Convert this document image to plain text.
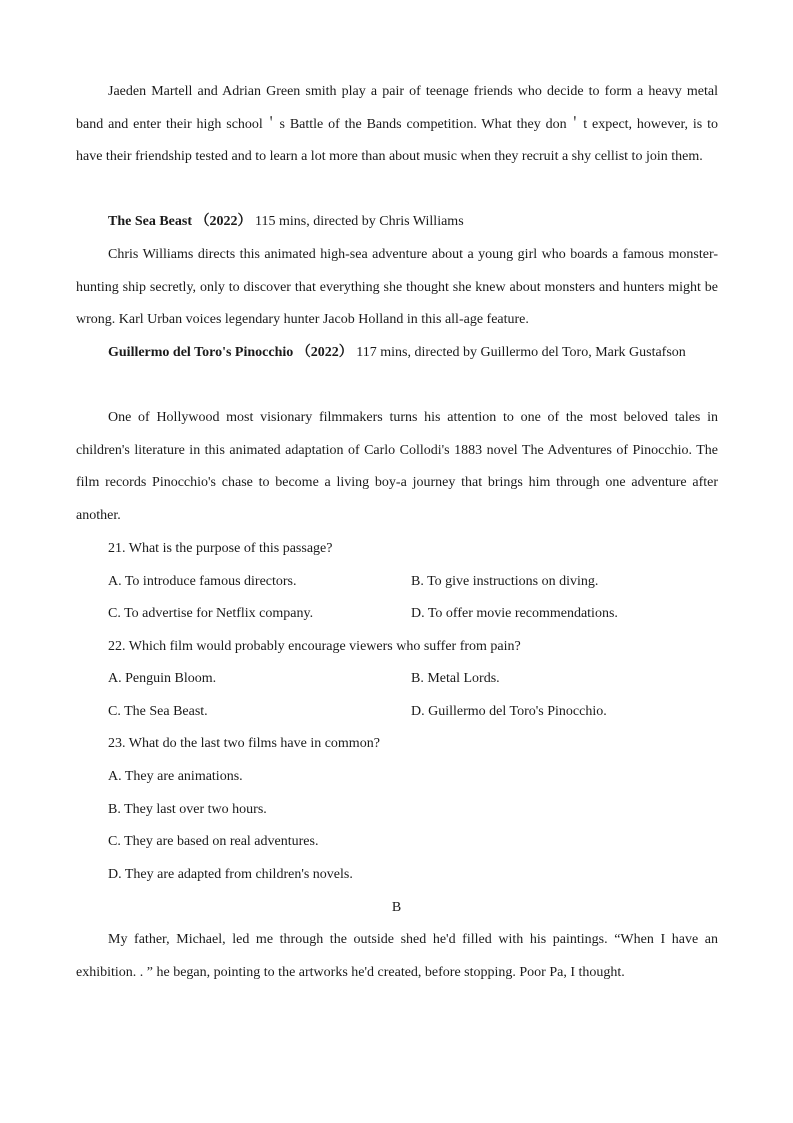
Jaeden Martell and Adrian Green smith play a pair of teenage friends who decide to form a heavy metal band and enter their high school＇s Battle of the Bands competition. What they don＇t expect, however, is to have their friendship tested and to learn a lot more than about music when they recruit a shy cellist to join them.

The Sea Beast （2022） 115 mins, directed by Chris Williams

Chris Williams directs this animated high-sea adventure about a young girl who boards a famous monster-hunting ship secretly, only to discover that everything she thought she knew about monsters and hunters might be wrong. Karl Urban voices legendary hunter Jacob Holland in this all-age feature.

Guillermo del Toro's Pinocchio （2022） 117 mins, directed by Guillermo del Toro, Mark Gustafson

One of Hollywood most visionary filmmakers turns his attention to one of the most beloved tales in children's literature in this animated adaptation of Carlo Collodi's 1883 novel The Adventures of Pinocchio. The film records Pinocchio's chase to become a living boy-a journey that brings him through one adventure after another.

21. What is the purpose of this passage?

A. To introduce famous directors.	B. To give instructions on diving.

C. To advertise for Netflix company.	D. To offer movie recommendations.

22. Which film would probably encourage viewers who suffer from pain?

A. Penguin Bloom.	B. Metal Lords.

C. The Sea Beast.	D. Guillermo del Toro's Pinocchio.

23. What do the last two films have in common?

A. They are animations.

B. They last over two hours.

C. They are based on real adventures.

D. They are adapted from children's novels.

B

My father, Michael, led me through the outside shed he'd filled with his paintings. “When I have an exhibition. . ” he began, pointing to the artworks he'd created, before stopping. Poor Pa, I thought.
